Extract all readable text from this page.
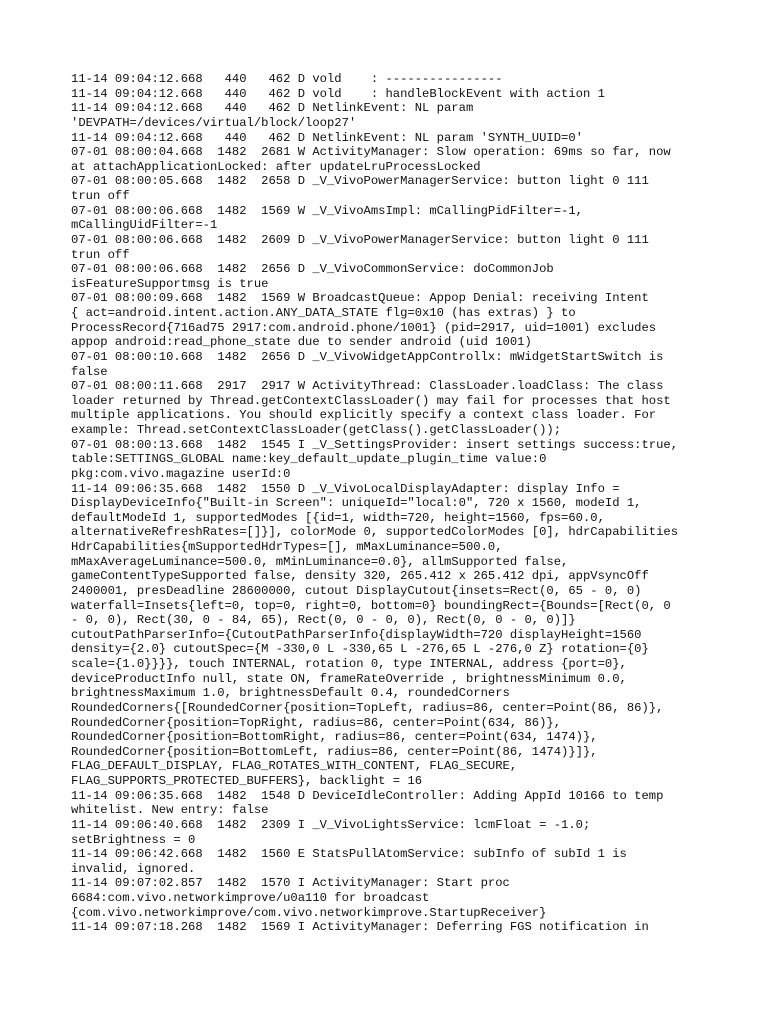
11-14 09:04:12.668   440   462 D vold    : ----------------
11-14 09:04:12.668   440   462 D vold    : handleBlockEvent with action 1
11-14 09:04:12.668   440   462 D NetlinkEvent: NL param
'DEVPATH=/devices/virtual/block/loop27'
11-14 09:04:12.668   440   462 D NetlinkEvent: NL param 'SYNTH_UUID=0'
07-01 08:00:04.668  1482  2681 W ActivityManager: Slow operation: 69ms so far, now
at attachApplicationLocked: after updateLruProcessLocked
07-01 08:00:05.668  1482  2658 D _V_VivoPowerManagerService: button light 0 111
trun off
07-01 08:00:06.668  1482  1569 W _V_VivoAmsImpl: mCallingPidFilter=-1,
mCallingUidFilter=-1
07-01 08:00:06.668  1482  2609 D _V_VivoPowerManagerService: button light 0 111
trun off
07-01 08:00:06.668  1482  2656 D _V_VivoCommonService: doCommonJob
isFeatureSupportmsg is true
07-01 08:00:09.668  1482  1569 W BroadcastQueue: Appop Denial: receiving Intent
{ act=android.intent.action.ANY_DATA_STATE flg=0x10 (has extras) } to
ProcessRecord{716ad75 2917:com.android.phone/1001} (pid=2917, uid=1001) excludes
appop android:read_phone_state due to sender android (uid 1001)
07-01 08:00:10.668  1482  2656 D _V_VivoWidgetAppControllx: mWidgetStartSwitch is
false
07-01 08:00:11.668  2917  2917 W ActivityThread: ClassLoader.loadClass: The class
loader returned by Thread.getContextClassLoader() may fail for processes that host
multiple applications. You should explicitly specify a context class loader. For
example: Thread.setContextClassLoader(getClass().getClassLoader());
07-01 08:00:13.668  1482  1545 I _V_SettingsProvider: insert settings success:true,
table:SETTINGS_GLOBAL name:key_default_update_plugin_time value:0
pkg:com.vivo.magazine userId:0
11-14 09:06:35.668  1482  1550 D _V_VivoLocalDisplayAdapter: display Info =
DisplayDeviceInfo{"Built-in Screen": uniqueId="local:0", 720 x 1560, modeId 1,
defaultModeId 1, supportedModes [{id=1, width=720, height=1560, fps=60.0,
alternativeRefreshRates=[]}], colorMode 0, supportedColorModes [0], hdrCapabilities
HdrCapabilities{mSupportedHdrTypes=[], mMaxLuminance=500.0,
mMaxAverageLuminance=500.0, mMinLuminance=0.0}, allmSupported false,
gameContentTypeSupported false, density 320, 265.412 x 265.412 dpi, appVsyncOff
2400001, presDeadline 28600000, cutout DisplayCutout{insets=Rect(0, 65 - 0, 0)
waterfall=Insets{left=0, top=0, right=0, bottom=0} boundingRect={Bounds=[Rect(0, 0
- 0, 0), Rect(30, 0 - 84, 65), Rect(0, 0 - 0, 0), Rect(0, 0 - 0, 0)]}
cutoutPathParserInfo={CutoutPathParserInfo{displayWidth=720 displayHeight=1560
density={2.0} cutoutSpec={M -330,0 L -330,65 L -276,65 L -276,0 Z} rotation={0}
scale={1.0}}}}, touch INTERNAL, rotation 0, type INTERNAL, address {port=0},
deviceProductInfo null, state ON, frameRateOverride , brightnessMinimum 0.0,
brightnessMaximum 1.0, brightnessDefault 0.4, roundedCorners
RoundedCorners{[RoundedCorner{position=TopLeft, radius=86, center=Point(86, 86)},
RoundedCorner{position=TopRight, radius=86, center=Point(634, 86)},
RoundedCorner{position=BottomRight, radius=86, center=Point(634, 1474)},
RoundedCorner{position=BottomLeft, radius=86, center=Point(86, 1474)}]},
FLAG_DEFAULT_DISPLAY, FLAG_ROTATES_WITH_CONTENT, FLAG_SECURE,
FLAG_SUPPORTS_PROTECTED_BUFFERS}, backlight = 16
11-14 09:06:35.668  1482  1548 D DeviceIdleController: Adding AppId 10166 to temp
whitelist. New entry: false
11-14 09:06:40.668  1482  2309 I _V_VivoLightsService: lcmFloat = -1.0;
setBrightness = 0
11-14 09:06:42.668  1482  1560 E StatsPullAtomService: subInfo of subId 1 is
invalid, ignored.
11-14 09:07:02.857  1482  1570 I ActivityManager: Start proc
6684:com.vivo.networkimprove/u0a110 for broadcast
{com.vivo.networkimprove/com.vivo.networkimprove.StartupReceiver}
11-14 09:07:18.268  1482  1569 I ActivityManager: Deferring FGS notification in
